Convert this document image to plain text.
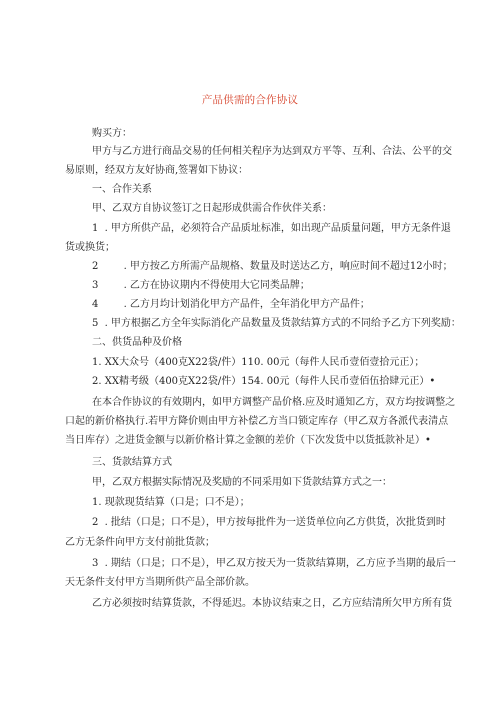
产品供需的合作协议
购买方：
甲方与乙方进行商品交易的任何相关程序为达到双方平等、互利、合法、公平的交
易原则，经双方友好协商,签署如下协议：
一、合作关系
甲、乙双方自协议签订之日起形成供需合作伙伴关系：
1 . 甲方所供产品，必须符合产品质址标准，如出现产品质量问题，甲方无条件退
货或换货；
2	. 甲方按乙方所需产品规格、数量及时送达乙方，响应时间不超过12小时；
3	. 乙方在协议期内不得使用大它同类品牌；
4	. 乙方月均计划消化甲方产品件，全年消化甲方产品件；
5 . 甲方根据乙方全年实际消化产品数量及货款结算方式的不同给予乙方下列奖励：
二、供货品种及价格
1. XX大众号（400克X22袋/件）110. 00元（每件人民币壹佰壹拾元正）；
2. XX精考级（400克X22袋/件）154. 00元（每件人民币壹佰伍拾肆元正）•
在本合作协议的有效期内，如甲方调整产品价格.应及时通知乙方，双方均按调整之
口起的新价格执行.若甲方降价则由甲方补偿乙方当口锁定库存（甲乙双方各派代表清点
当日库存）之进货金额与以新价格计算之金额的差价（下次发货中以货抵款补足）•
三、货款结算方式
甲，乙双方根据实际情况及奖励的不同采用如下货款结算方式之一：
1. 现款现货结算（口是；口不是）；
2 . 批结（口是；口不是），甲方按每批件为一送货单位向乙方供货，次批货到时
乙方无条件向甲方支付前批货款；
3 . 期结（口是；口不是），甲乙双方按天为一货款结算期，乙方应予当期的最后一
天无条件支付甲方当期所供产品全部价款。
乙方必须按时结算货款，不得延迟。本协议结束之日，乙方应结清所欠甲方所有货
